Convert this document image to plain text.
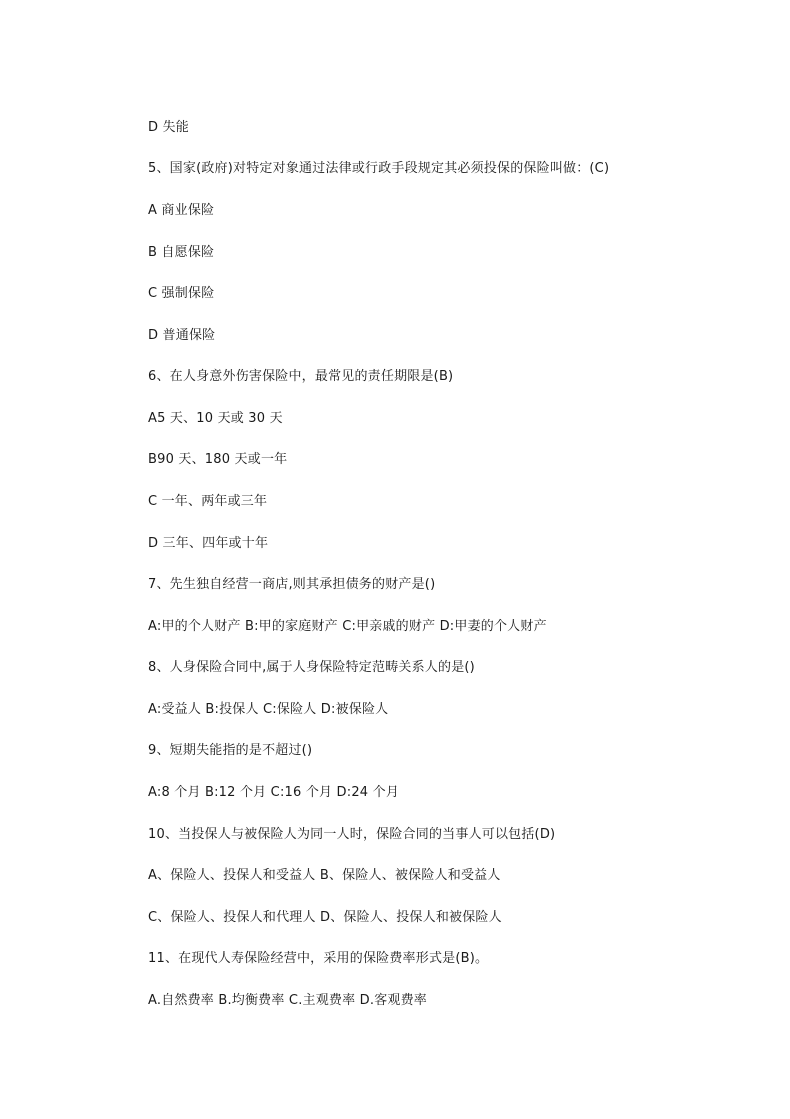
D 失能
5、国家(政府)对特定对象通过法律或行政手段规定其必须投保的保险叫做：(C)
A 商业保险
B 自愿保险
C 强制保险
D 普通保险
6、在人身意外伤害保险中，最常见的责任期限是(B)
A5 天、10 天或 30 天
B90 天、180 天或一年
C 一年、两年或三年
D 三年、四年或十年
7、先生独自经营一商店,则其承担债务的财产是()
A:甲的个人财产 B:甲的家庭财产 C:甲亲戚的财产 D:甲妻的个人财产
8、人身保险合同中,属于人身保险特定范畴关系人的是()
A:受益人 B:投保人 C:保险人 D:被保险人
9、短期失能指的是不超过()
A:8 个月 B:12 个月 C:16 个月 D:24 个月
10、当投保人与被保险人为同一人时，保险合同的当事人可以包括(D)
A、保险人、投保人和受益人 B、保险人、被保险人和受益人
C、保险人、投保人和代理人 D、保险人、投保人和被保险人
11、在现代人寿保险经营中，采用的保险费率形式是(B)。
A.自然费率 B.均衡费率 C.主观费率 D.客观费率
